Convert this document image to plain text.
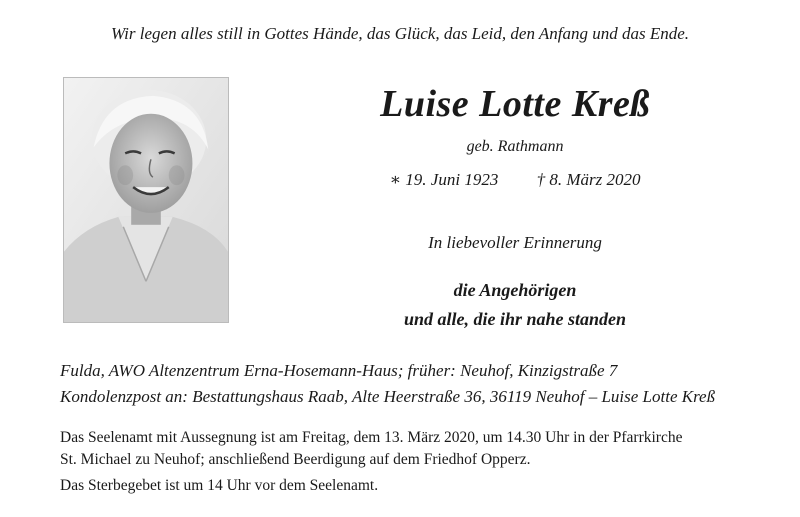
Wir legen alles still in Gottes Hände, das Glück, das Leid, den Anfang und das Ende.
Luise Lotte Kreß
geb. Rathmann
∗ 19. Juni 1923 † 8. März 2020
In liebevoller Erinnerung
die Angehörigen
und alle, die ihr nahe standen
Fulda, AWO Altenzentrum Erna-Hosemann-Haus; früher: Neuhof, Kinzigstraße 7
Kondolenzpost an: Bestattungshaus Raab, Alte Heerstraße 36, 36119 Neuhof – Luise Lotte Kreß
Das Seelenamt mit Aussegnung ist am Freitag, dem 13. März 2020, um 14.30 Uhr in der Pfarrkirche
St. Michael zu Neuhof; anschließend Beerdigung auf dem Friedhof Opperz.
Das Sterbegebet ist um 14 Uhr vor dem Seelenamt.
